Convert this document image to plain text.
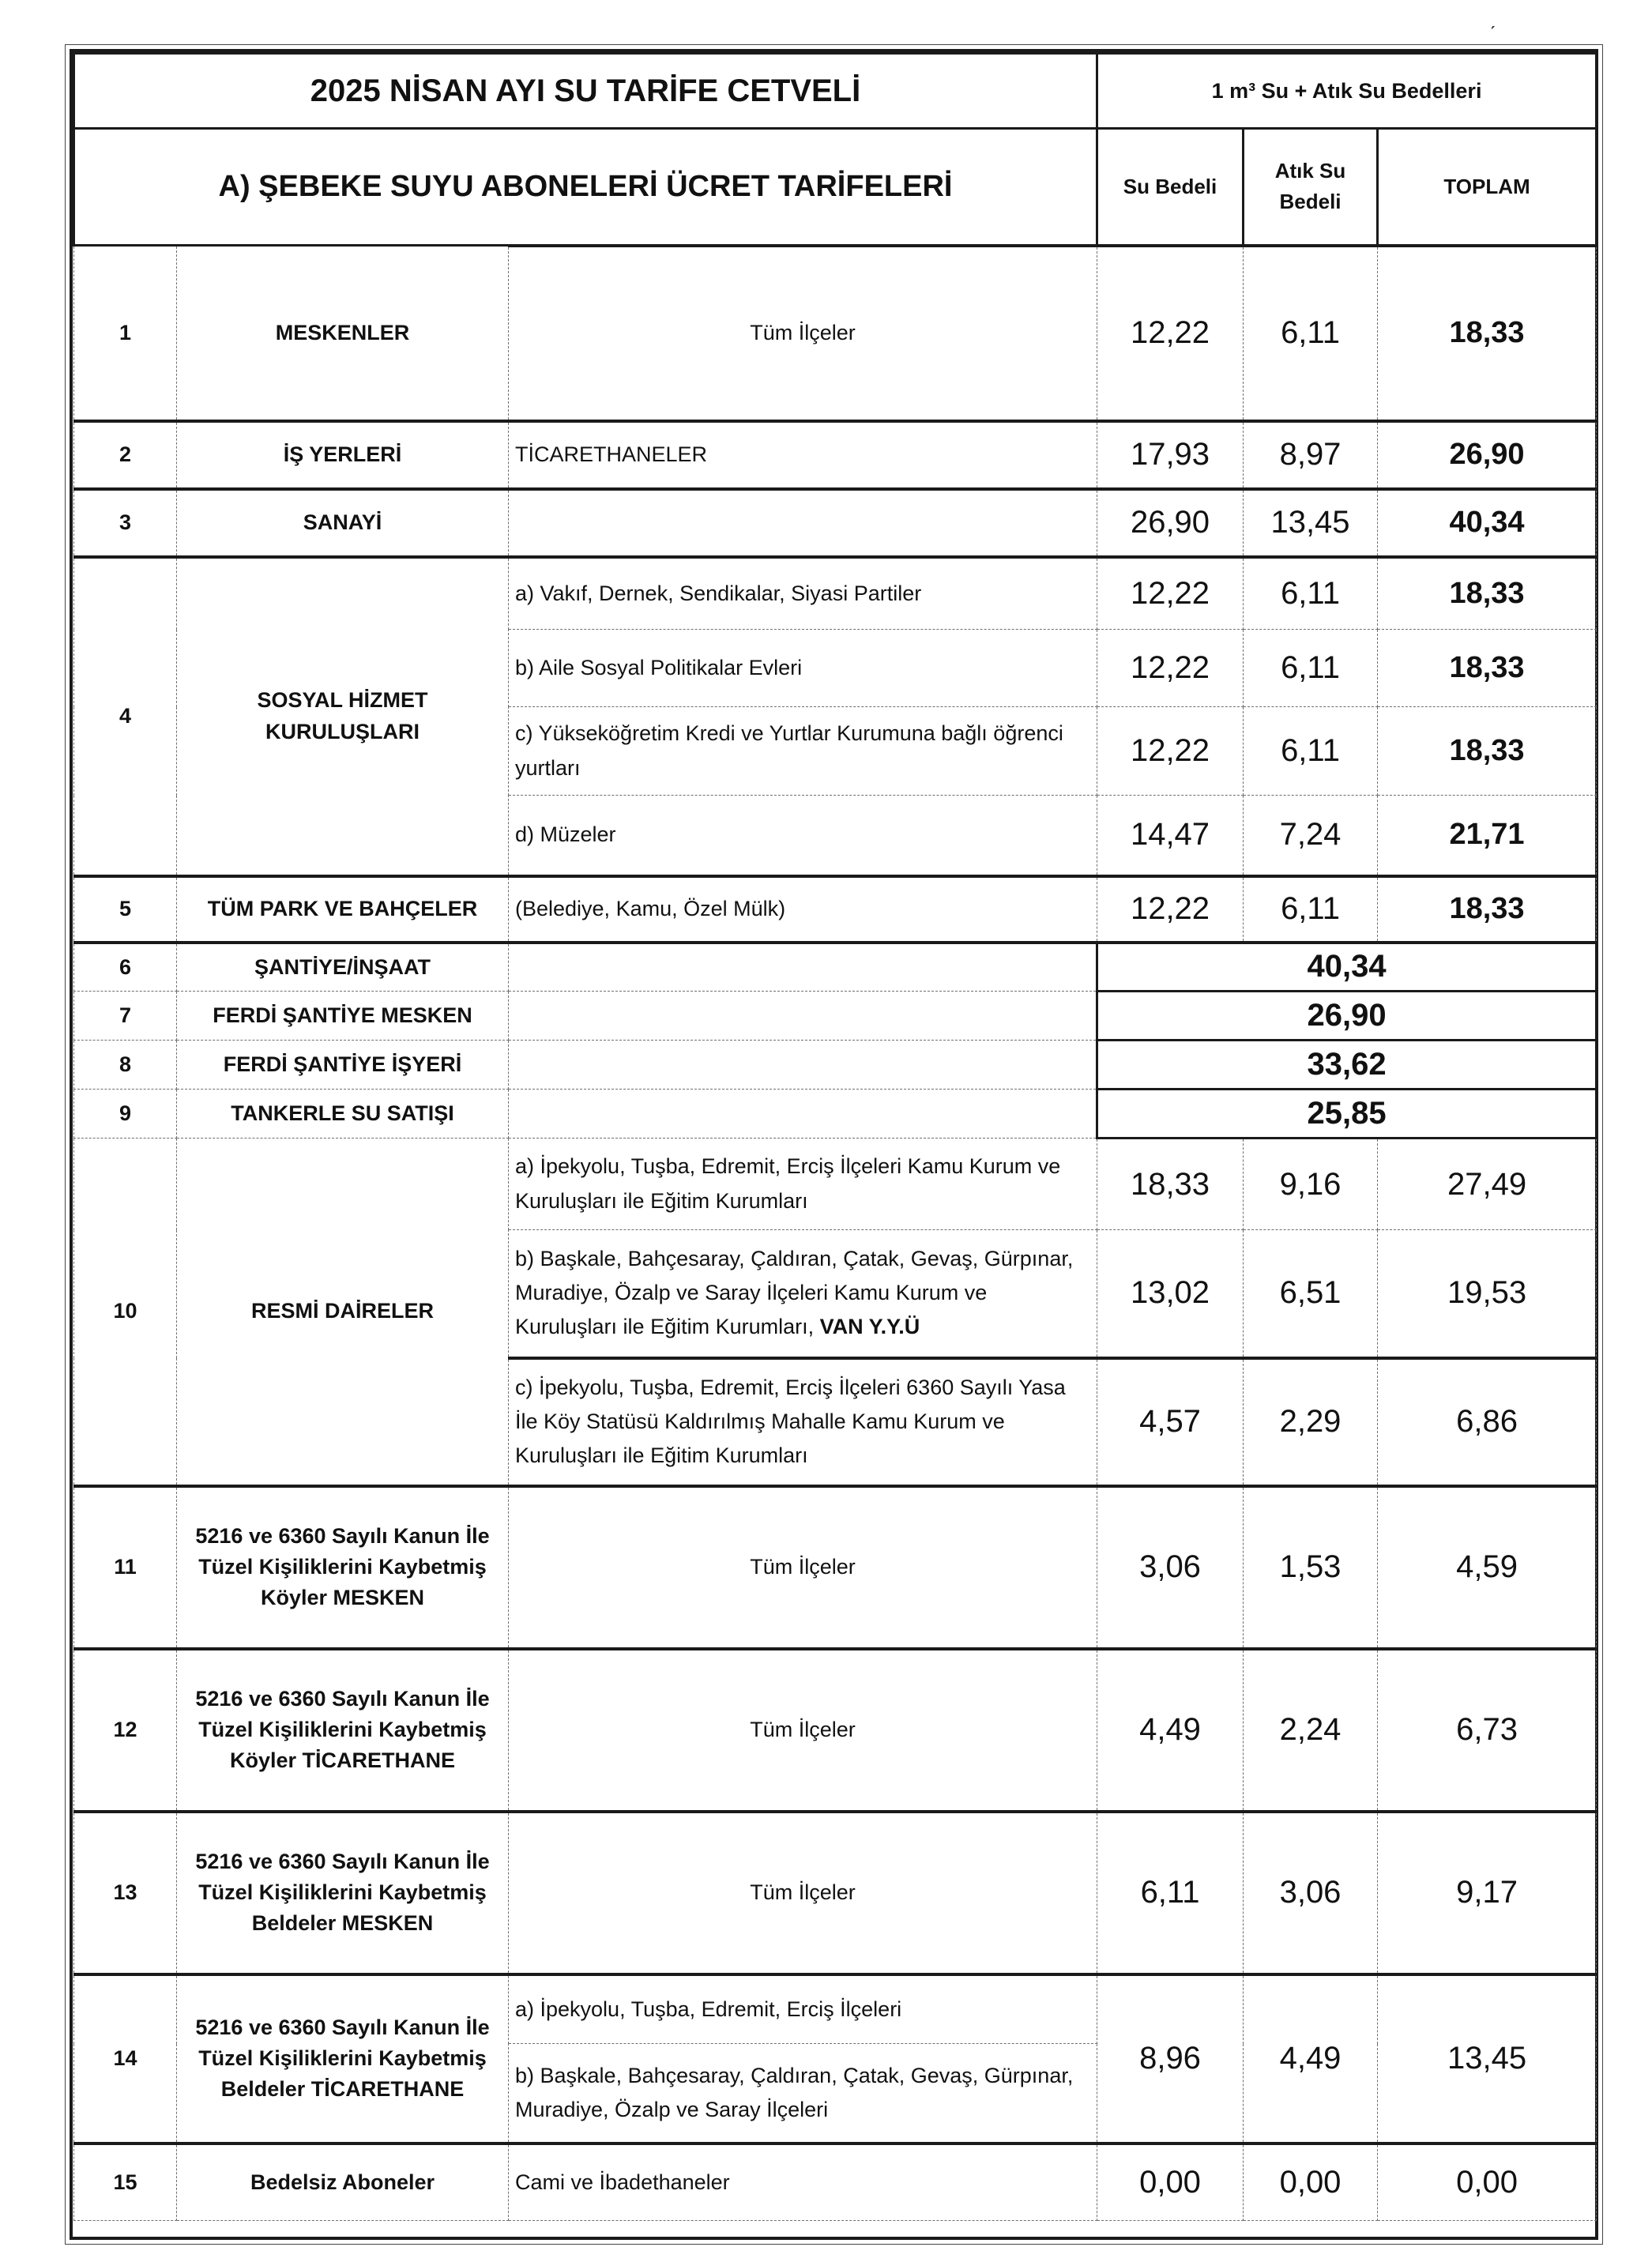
ˊ
2025 NİSAN AYI SU TARİFE CETVELİ			1 m³ Su + Atık Su Bedelleri		
A) ŞEBEKE SUYU ABONELERİ ÜCRET TARİFELERİ			Su Bedeli	Atık Su Bedeli	TOPLAM
1	MESKENLER	Tüm İlçeler	12,22	6,11	18,33
2	İŞ YERLERİ	TİCARETHANELER	17,93	8,97	26,90
3	SANAYİ		26,90	13,45	40,34
4	SOSYAL HİZMET KURULUŞLARI	a) Vakıf, Dernek, Sendikalar, Siyasi Partiler	12,22	6,11	18,33
		b) Aile Sosyal Politikalar Evleri	12,22	6,11	18,33
		c) Yükseköğretim Kredi ve Yurtlar Kurumuna bağlı öğrenci yurtları	12,22	6,11	18,33
		d) Müzeler	14,47	7,24	21,71
5	TÜM PARK VE BAHÇELER	(Belediye, Kamu, Özel Mülk)	12,22	6,11	18,33
6	ŞANTİYE/İNŞAAT		40,34		
7	FERDİ ŞANTİYE MESKEN		26,90		
8	FERDİ ŞANTİYE İŞYERİ		33,62		
9	TANKERLE SU SATIŞI		25,85		
10	RESMİ DAİRELER	a) İpekyolu, Tuşba, Edremit, Erciş İlçeleri Kamu Kurum ve Kuruluşları ile Eğitim Kurumları	18,33	9,16	27,49
		b) Başkale, Bahçesaray, Çaldıran, Çatak, Gevaş, Gürpınar, Muradiye, Özalp ve Saray İlçeleri Kamu Kurum ve Kuruluşları ile Eğitim Kurumları, VAN Y.Y.Ü	13,02	6,51	19,53
		c) İpekyolu, Tuşba, Edremit, Erciş İlçeleri 6360 Sayılı Yasa İle Köy Statüsü Kaldırılmış Mahalle Kamu Kurum ve Kuruluşları ile Eğitim Kurumları	4,57	2,29	6,86
11	5216 ve 6360 Sayılı Kanun İle Tüzel Kişiliklerini Kaybetmiş Köyler MESKEN	Tüm İlçeler	3,06	1,53	4,59
12	5216 ve 6360 Sayılı Kanun İle Tüzel Kişiliklerini Kaybetmiş Köyler TİCARETHANE	Tüm İlçeler	4,49	2,24	6,73
13	5216 ve 6360 Sayılı Kanun İle Tüzel Kişiliklerini Kaybetmiş Beldeler MESKEN	Tüm İlçeler	6,11	3,06	9,17
14	5216 ve 6360 Sayılı Kanun İle Tüzel Kişiliklerini Kaybetmiş Beldeler TİCARETHANE	a) İpekyolu, Tuşba, Edremit, Erciş İlçeleri	8,96	4,49	13,45
		b) Başkale, Bahçesaray, Çaldıran, Çatak, Gevaş, Gürpınar, Muradiye, Özalp ve Saray İlçeleri			
15	Bedelsiz Aboneler	Cami ve İbadethaneler	0,00	0,00	0,00
